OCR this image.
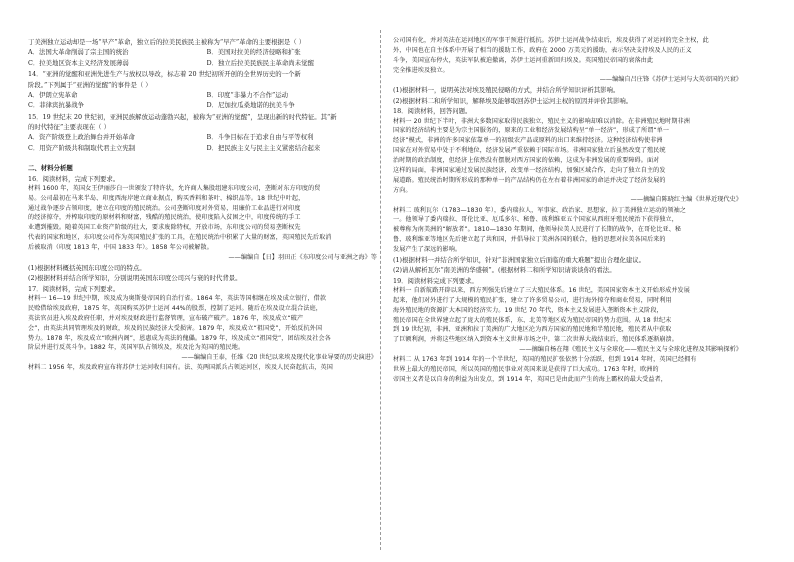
丁美洲独立运动却是一场“早产”革命，独立后的拉美民族民主被称为“早产”革命的主要根据是（ ）
A．法国大革命削弱了宗主国的统治	B．美国对拉美的经济侵略和扩张
C．拉美地区资本主义经济发展薄弱	D．独立后拉美民族民主革命尚未觉醒
14．“亚洲的觉醒和亚洲先进生产与放权以导改，标志着 20 世纪初所开创的全世界历史的一个新
阶段。”下列属于“亚洲的觉醒”的事件是（ ）
A．伊朗立宪革命	B．印度“非暴力不合作”运动
C．菲律宾抗暴战争	D．尼加拉瓜桑地诺的抗美斗争
15．19 世纪末 20 世纪初，亚洲民族解放运动蓬勃兴起，被称为“亚洲的觉醒”，呈现出新的时代特征。其“新
的时代特征”主要表现在（ ）
A．资产阶级登上政治舞台并开始革命	B．斗争目标在于追求自由与平等权利
C．用资产阶级共和制取代君主立宪制	D．把民族主义与民主主义紧密结合起来
二、材料分析题
16．阅读材料，完成下列要求。
材料 1600 年，英国女王伊丽莎白一世颁发了特许状，允许商人集股组建东印度公司，垄断对东方印度的贸
易。公司最初在马来半岛、印度西海岸建立商业据点，购买香料和茶叶、棉织品等。18 世纪中叶起，
通过战争逐步占领印度，建立在印度的殖民统治。公司垄断印度对外贸易，用廉价工业品进行对印度
的经济掠夺，并榨取印度的原材料和财富，残酷的殖民统治，使印度陷入贫困之中，印度传统的手工
业遭到摧毁。随着英国工业资产阶级的壮大，要求废除特权，开放市场，东印度公司的贸易垄断权先
代表的国家和地区，东印度公司作为英国殖民扩张的工具，在殖民统治中积累了大量的财富，英国殖民先后取消
后被取消（印度 1813 年，中国 1833 年）。1858 年公司被解散。
——编编自【日】羽田正《东印度公司与亚洲之海》等
(1)根据材料概括英国东印度公司的特点。
(2)根据材料并结合所学知识，分别说明英国东印度公司兴与衰的时代背景。
17．阅读材料，完成下列要求。
材料一 16—19 世纪中期，埃及成为奥斯曼帝国的自治行省。1864 年，英法等国相继在埃及成立银行，借款
民赊借给埃及政府，1875 年，英国购买苏伊士运河 44%的股票，控制了运河。随后在埃及设立混合法庭，
英法官员进入埃及政府任职，并对埃及财政进行监督管理，宣布破产破产。1876 年，埃及成立“破产
会”，由英法共同管理埃及的财政，埃及的民族经济大受损害。1879 年，埃及成立“祖国党”，开始反抗外国
势力。1878 年，埃及成立“欧洲内阁”，恩惠成为英法的傀儡。1879 年，埃及成立“祖国党”，团结埃及社会各
阶层并进行反英斗争。1882 年，英国军队占领埃及，埃及沦为英国的殖民地。
——编编自王泰，任维《20 世纪以来埃及现代化事业导要的历史演进》
材料二 1956 年，埃及政府宣布将苏伊士运河收归国有。法、英两国派兵占领运河区，埃及人民奋起抗击，英国
公司国有化，并对英法在运河地区的军事干预进行抵抗。苏伊士运河战争结束后，埃及获得了对运河的完全主权，此
外，中国也在自主体系中开展了相当的援助工作，政府在 2000 万美元的援助，表示坚决支持埃及人民的正义
斗争，美国宣布停火，英法军队被迫撤离，苏伊士运河重新回归埃及。英国殖民帝国的衰落由此
完全推进埃及独立。
——编编自吕庄锋《苏伊士运河与大英帝国的兴衰》
(1)根据材料一，说明英法对埃及殖民侵略的方式，并结合所学知识评析其影响。
(2)根据材料二和所学知识，解释埃及能够取回苏伊士运河主权的原因并评价其影响。
18．阅读材料，回答问题。
材料一 20 世纪下半叶，非洲大多数国家取得民族独立，殖民主义的影响却难以消除。在非洲殖民地时期非洲
国家的经济结构主要是为宗主国服务的，原来的工业和经济发展结构呈“单一经济”，形成了所谓“单一
经济”模式，非洲的许多国家依靠单一的初级农产品或原料的出口来维持经济。这种经济结构使非洲
国家在对外贸易中处于不利地位，经济发展严重依赖于国际市场。非洲国家独立后虽然改变了殖民统
治时期的政治制度，但经济上依然没有摆脱对西方国家的依赖，这成为非洲发展的重要障碍。面对
这样的局面，非洲国家通过发展民族经济，改变单一经济结构，加强区域合作，走向了独立自主的发
展道路。殖民统治时期所形成的那种单一的产品结构仍在左右着非洲国家的命运并决定了经济发展的
方向。
——摘编自陈晓红主编《世界近现代史》
材料二 玻利瓦尔（1783—1830 年），委内瑞拉人，军事家、政治家、思想家，拉丁美洲独立运动的领袖之
一。他领导了委内瑞拉、哥伦比亚、厄瓜多尔、秘鲁、玻利维亚五个国家从西班牙殖民统治下获得独立，
被尊称为南美洲的“解放者”。1810—1830 年期间，他领导拉美人民进行了长期的战争，在哥伦比亚、秘
鲁、玻利维亚等地区先后建立起了共和国，并倡导拉丁美洲各国的联合，他的思想对拉美各国后来的
发展产生了深远的影响。
(1)根据材料一并结合所学知识，针对“非洲国家独立后面临的重大难题”提出合理化建议。
(2)请从解析瓦尔“南美洲的华盛顿”。(根据材料二和所学知识请谈谈你的看法。
19．阅读材料完成下列要求。
材料一 自新航路开辟以来，西方列强先后建立了三大殖民体系。16 世纪，美国国家资本主义开始形成并发展
起来，他们对外进行了大规模的殖民扩张，建立了许多贸易公司，进行海外掠夺和商业贸易，同时利用
海外殖民地的资源扩大本国的经济实力。19 世纪 70 年代，资本主义发展进入垄断资本主义阶段，
殖民帝国在全世界建立起了庞大的殖民体系，东、北美等地区成为殖民帝国的势力范围。从 18 世纪末
到 19 世纪初，非洲、亚洲和拉丁美洲的广大地区沦为西方国家的殖民地和半殖民地，殖民者从中获取
了巨额利润，并将这些地区纳入到资本主义世界市场之中，第二次世界大战结束后，殖民体系逐渐崩溃。
——摘编自杨在翔《殖民主义与全球化——殖民主义与全球化进程及其影响探析》
材料二 从 1763 年到 1914 年的一个半世纪，英国的殖民扩张依然十分活跃，但到 1914 年时，英国已经拥有
世界上最大的殖民帝国，所以英国的殖民事业对英国来说是获得了巨大成功。1763 年时，欧洲的
帝国主义者是以自身的利益为出发点，到 1914 年，英国已是由此而产生的海上霸权的最大受益者，
